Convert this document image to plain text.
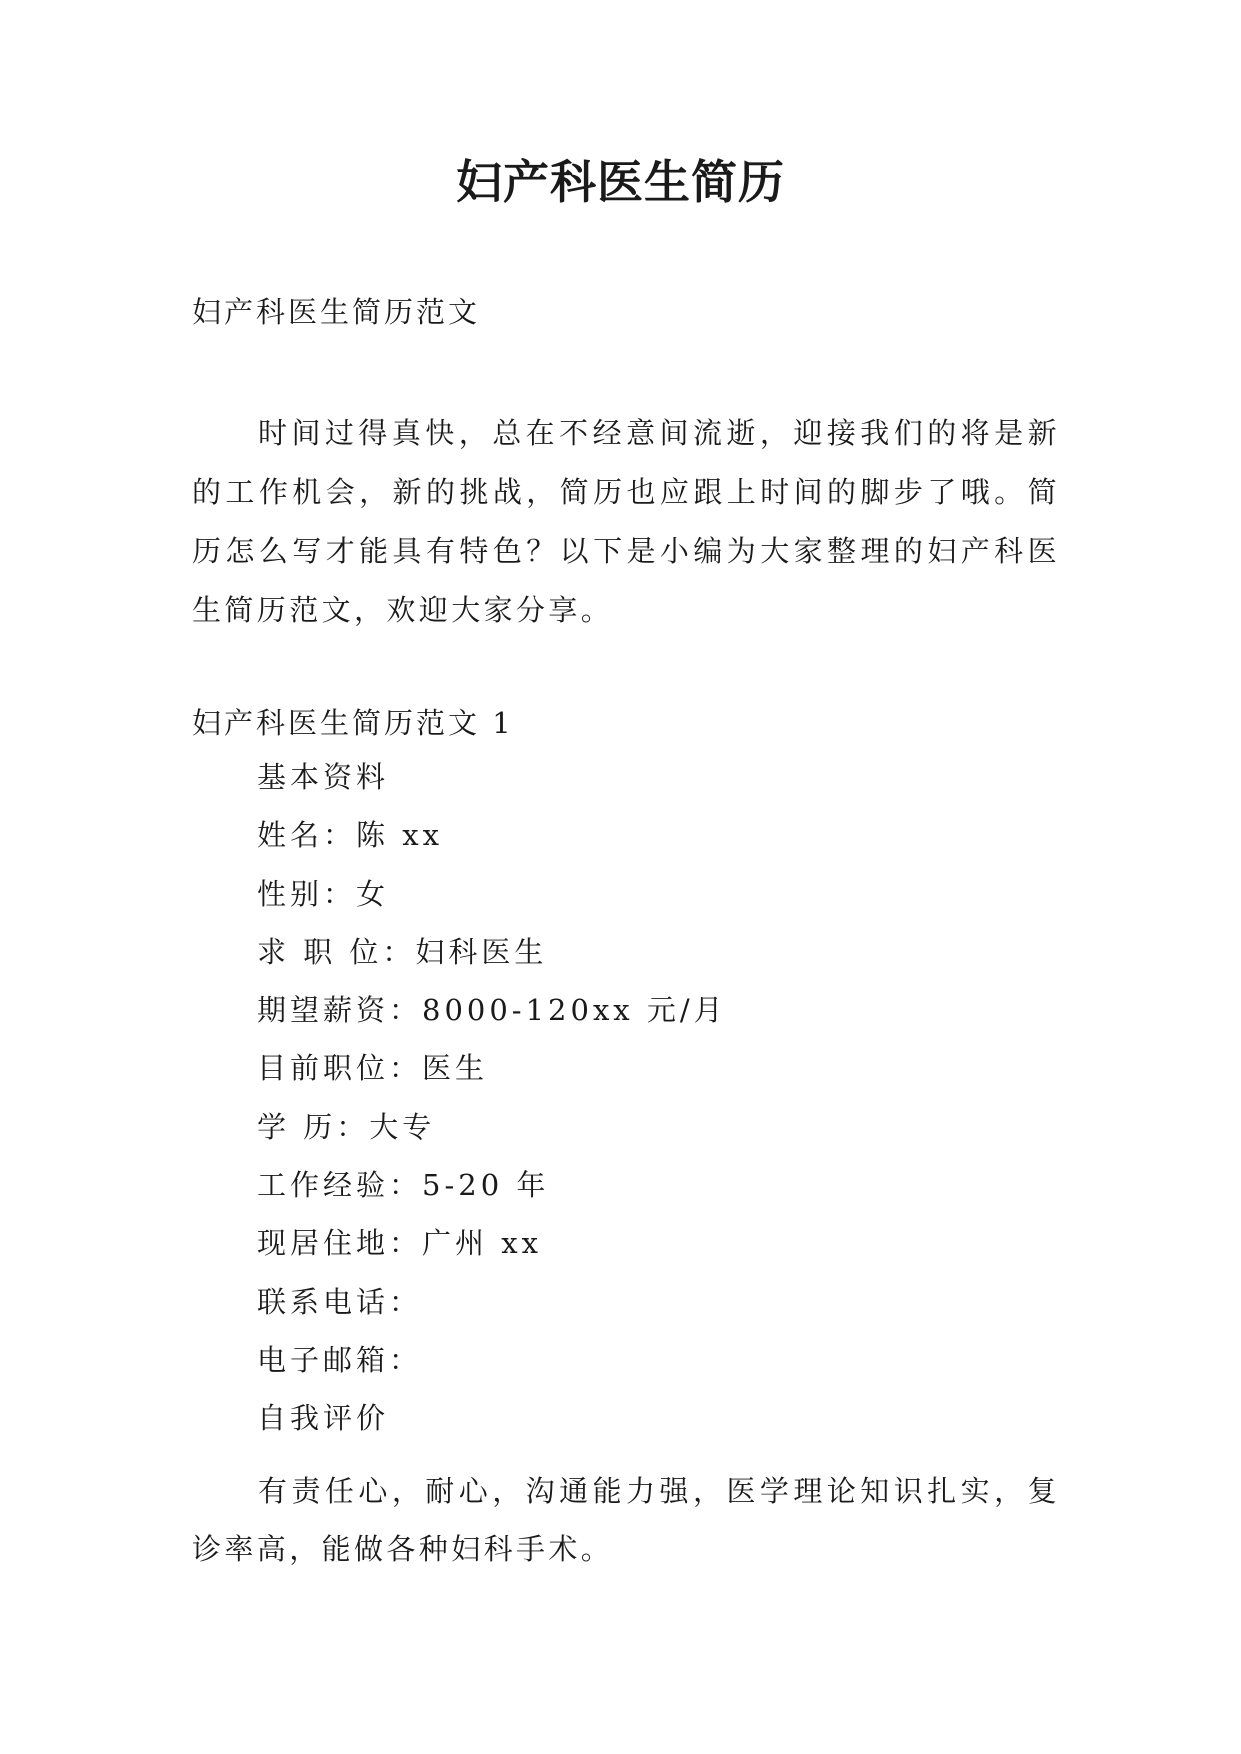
妇产科医生简历
妇产科医生简历范文

时间过得真快，总在不经意间流逝，迎接我们的将是新的工作机会，新的挑战，简历也应跟上时间的脚步了哦。简历怎么写才能具有特色？以下是小编为大家整理的妇产科医生简历范文，欢迎大家分享。

妇产科医生简历范文 1
基本资料
姓名：陈 xx
性别：女
求 职 位：妇科医生
期望薪资：8000-120xx 元/月
目前职位：医生
学 历：大专
工作经验：5-20 年
现居住地：广州 xx
联系电话：
电子邮箱：
自我评价

有责任心，耐心，沟通能力强，医学理论知识扎实，复诊率高，能做各种妇科手术。
